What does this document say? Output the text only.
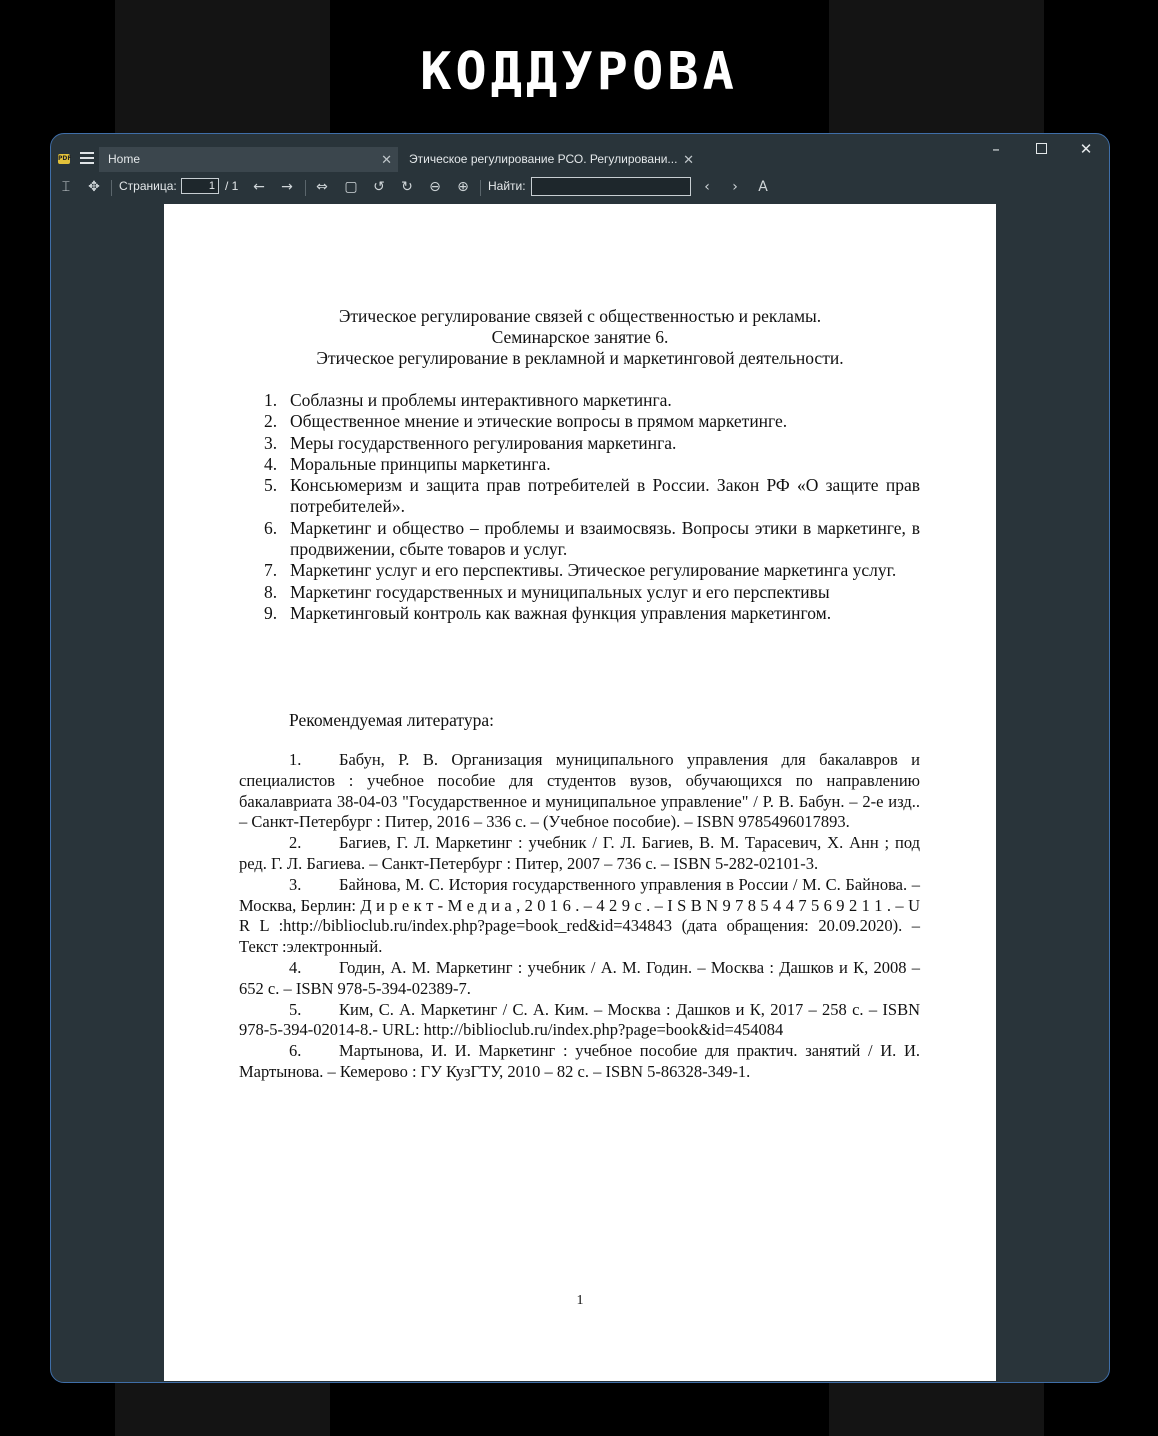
КОДДУРОВА
PDF	Home	✕	Этическое регулирование РСО. Регулировани... ✕
–	✕
⌶	✥ Страница:
1	/ 1 ← → ⇔ ▢ ↺ ↻ ⊖ ⊕ Найти:	‹	›	A
Этическое регулирование связей с общественностью и рекламы.
Семинарское занятие 6.
Этическое регулирование в рекламной и маркетинговой деятельности.
1. Соблазны и проблемы интерактивного маркетинга.
2. Общественное мнение и этические вопросы в прямом маркетинге.
3. Меры государственного регулирования маркетинга.
4. Моральные принципы маркетинга.
5. Консьюмеризм и защита прав потребителей в России. Закон РФ «О защите прав потребителей».
6. Маркетинг и общество – проблемы и взаимосвязь. Вопросы этики в маркетинге, в продвижении, сбыте товаров и услуг.
7. Маркетинг услуг и его перспективы. Этическое регулирование маркетинга услуг.
8. Маркетинг государственных и муниципальных услуг и его перспективы
9. Маркетинговый контроль как важная функция управления маркетингом.
Рекомендуемая литература:
1. Бабун, Р. В. Организация муниципального управления для бакалавров и специалистов : учебное пособие для студентов вузов, обучающихся по направлению бакалавриата 38-04-03 "Государственное и муниципальное управление" / Р. В. Бабун. – 2-е изд.. – Санкт-Петербург : Питер, 2016 – 336 с. – (Учебное пособие). – ISBN 9785496017893.
2. Багиев, Г. Л. Маркетинг : учебник / Г. Л. Багиев, В. М. Тарасевич, Х. Анн ; под ред. Г. Л. Багиева. – Санкт-Петербург : Питер, 2007 – 736 с. – ISBN 5-282-02101-3.
3. Байнова, М. С. История государственного управления в России / М. С. Байнова. – Москва, Берлин: Д и р е к т - М е д и а , 2 0 1 6 . – 4 2 9 с . – I S B N 9 7 8 5 4 4 7 5 6 9 2 1 1 . – U R L :http://biblioclub.ru/index.php?page=book_red&id=434843 (дата обращения: 20.09.2020). – Текст :электронный.
4. Годин, А. М. Маркетинг : учебник / А. М. Годин. – Москва : Дашков и К, 2008 – 652 с. – ISBN 978-5-394-02389-7.
5. Ким, С. А. Маркетинг / С. А. Ким. – Москва : Дашков и К, 2017 – 258 с. – ISBN 978-5-394-02014-8.- URL: http://biblioclub.ru/index.php?page=book&id=454084
6. Мартынова, И. И. Маркетинг : учебное пособие для практич. занятий / И. И. Мартынова. – Кемерово : ГУ КузГТУ, 2010 – 82 с. – ISBN 5-86328-349-1.
1
